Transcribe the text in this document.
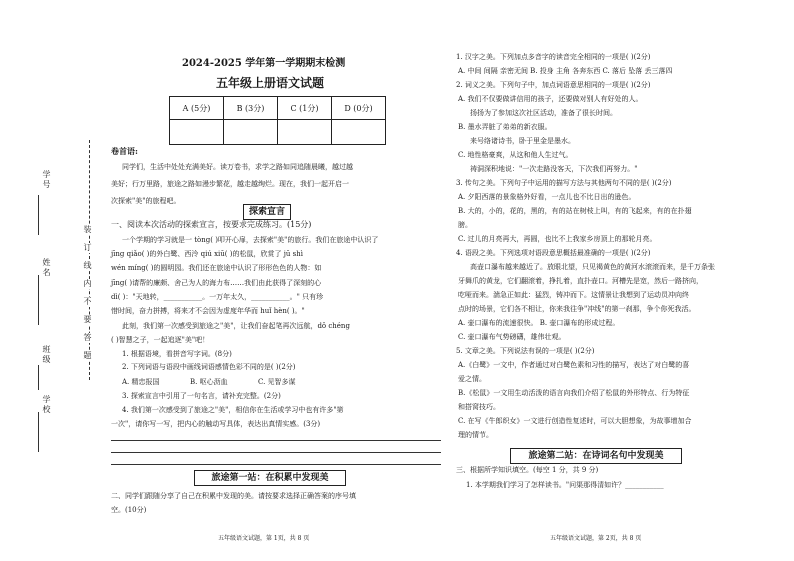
学校
班级
姓名
学号
装
订
线
内
不
要
答
题
2024-2025 学年第一学期期末检测
五年级上册语文试题
A (5分)	B (3分)	C (1分)	D (0分)

卷首语:
同学们，生活中处处充满美好。读万卷书，求学之路如同追随晨曦，越过越
美好；行万里路，旅途之路如漫步繁花，越走越绚烂。现在，我们一起开启一
次探索"美"的旅程吧。
探索宣言
一、阅读本次活动的探索宣言，按要求完成练习。(15分)
一个学期的学习就是一 tòng( )叩开心扉，去探索"美"的旅行。我们在旅途中认识了
jīng qiǎo( )的外白鹭、西泠 qiú xiū( )的松鼠，欣赏了 jū shì
wén míng( )的圆明园。我们还在旅途中认识了形形色色的人物：如
jīng( )请帮的廉颇、舍己为人的海力布……我们由此获得了深刻的心
dì( )："天地转，___________。一万年太久，___________。" 只有珍
惜时间，奋力拼搏，将来才不会因为虚度年华而 huǐ hèn( )。"
此刻，我们第一次感受到旅途之"美"，让我们奋起笔再次远航，dǒ chéng
( )智慧之子，一起追逐"美"吧！
1. 根据语境，看拼音写字词。(8分)
2. 下列词语与语段中画线词语感情色彩不同的是( )(2分)
A. 精忠报国	B. 呕心沥血	C. 见智多谋
3. 探索宣言中引用了一句名言，请补充完整。(2分)
4. 我们第一次感受到了旅途之"美"，相信你在生活或学习中也有许多"第
一次"，请你写一写，把内心的触动写具体，表达出真情实感。(3分)
旅途第一站：在积累中发现美
二、同学们跟随分享了自己在积累中发现的美。请按要求选择正确答案的序号填
空。(10分)
五年级语文试题，第 1页，共 8 页
1. 汉字之美。下列加点多音字的读音完全相同的一项是( )(2分)
A. 中间 间隔 亲密无间 B. 投身 主角 各奔东西 C. 落后 坠落 丢三落四
2. 词义之美。下列句子中，加点词语意思相同的一项是( )(2分)
A. 我们不仅要做讲信用的孩子，还要做对别人有好处的人。
扬扬为了参加这次社区活动，准备了很长时间。
B. 墨水弄脏了弟弟的新衣服。
来号络诸诗书，卧于里金是墨水。
C. 地性格豪爽，从这和他人生过气。
祷洞深积地说："一次走路没客天，下次我们再努力。"
3. 传句之美。下列句子中运用的描写方法与其他两句不同的是( )(2分)
A. 夕阳西落的景象格外好看，一点儿也不比日出的逊色。
B. 大的，小的，花的，黑的，有的站在树枝上叫，有的飞起来，有的在扑翅
膀。
C. 过儿的月亮再大，再圆，也比不上我家乡房顶上的那轮月亮。
4. 语段之美。下列选项对语段意思概括最准确的一项是( )(2分)
高壶口瀑布越来越近了。放眼北望，只见褐黄色的黄河水滚滚而来，是千万条张
牙舞爪的黄龙，它们翻滚着，挣扎着，直扑壶口。河槽先是宽，然后一路挤向，
吃哑而来。湍急正如此：猛烈，铸冲而下。这情景让我想到了运动员冲向终
点时的场景，它们各不相让，你来我往争"冲线"的第一刹那，争个你死我活。
A. 壶口瀑布的流速很快。 B. 壶口瀑布的形成过程。
C. 壶口瀑布气势磅礴，雄伟壮观。
5. 文章之美。下列说法有误的一项是( )(2分)
A.《白鹭》一文中，作者通过对白鹭色素和习性的描写，表达了对白鹭的喜
爱之情。
B.《松鼠》一文用生动活泼的语言向我们介绍了松鼠的外形特点、行为特征
和搭窝技巧。
C. 在写《牛郎织女》一文进行创造性复述时，可以大胆想象，为故事增加合
理的情节。
旅途第二站：在诗词名句中发现美
三、根据所学知识填空。(每空 1 分，共 9 分)
1. 本学期我们学习了怎样读书。"问渠那得清如许？___________
五年级语文试题，第 2页，共 8 页
